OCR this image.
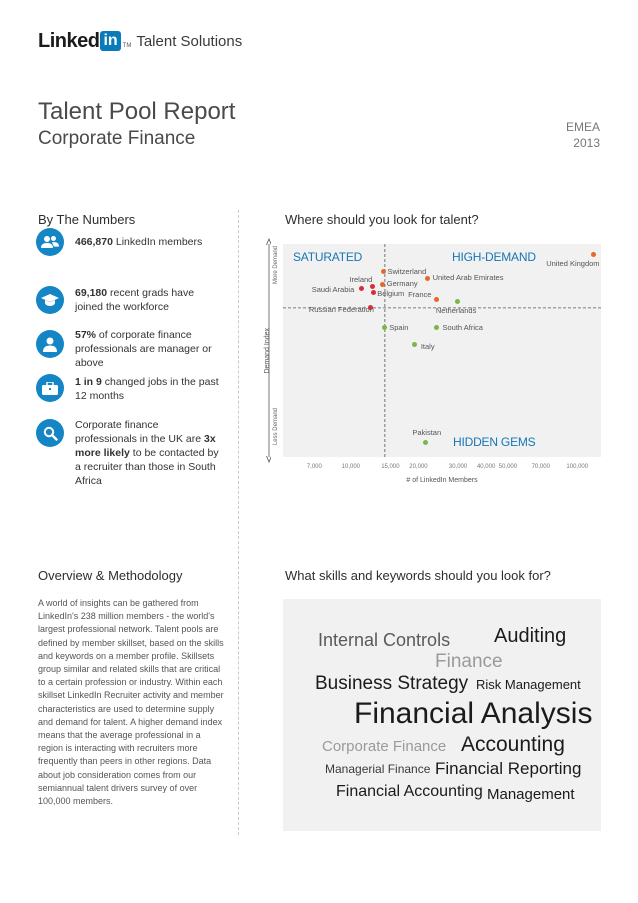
Linked in TM Talent Solutions
Talent Pool Report
Corporate Finance
EMEA
2013
By The Numbers
466,870 LinkedIn members
69,180 recent grads have joined the workforce
57% of corporate finance professionals are manager or above
1 in 9 changed jobs in the past 12 months
Corporate finance professionals in the UK are 3x more likely to be contacted by a recruiter than those in South Africa
Where should you look for talent?
SATURATED	HIGH-DEMAND
HIDDEN GEMS
More Demand
Demand Index
Less Demand
7,000	10,000	15,000 20,000	30,000 40,000 50,000 70,000	100,000
# of LinkedIn Members
Overview & Methodology
A world of insights can be gathered from LinkedIn's 238 million members - the world's largest professional network. Talent pools are defined by member skillset, based on the skills and keywords on a member profile. Skillsets group similar and related skills that are critical to a certain profession or industry. Within each skillset LinkedIn Recruiter activity and member characteristics are used to determine supply and demand for talent. A higher demand index means that the average professional in a region is interacting with recruiters more frequently than peers in other regions. Data about job consideration comes from our semiannual talent drivers survey of over 100,000 members.
What skills and keywords should you look for?
Internal Controls Auditing
Finance
Business Strategy Risk Management
Financial Analysis
Corporate Finance Accounting
Managerial Finance Financial Reporting
Financial Accounting Management
United Kingdom
Switzerland
Ireland
Germany
Saudi Arabia	Belgium
United Arab Emirates
France
Netherlands
Russian Federation
Spain	South Africa
Italy
Pakistan
